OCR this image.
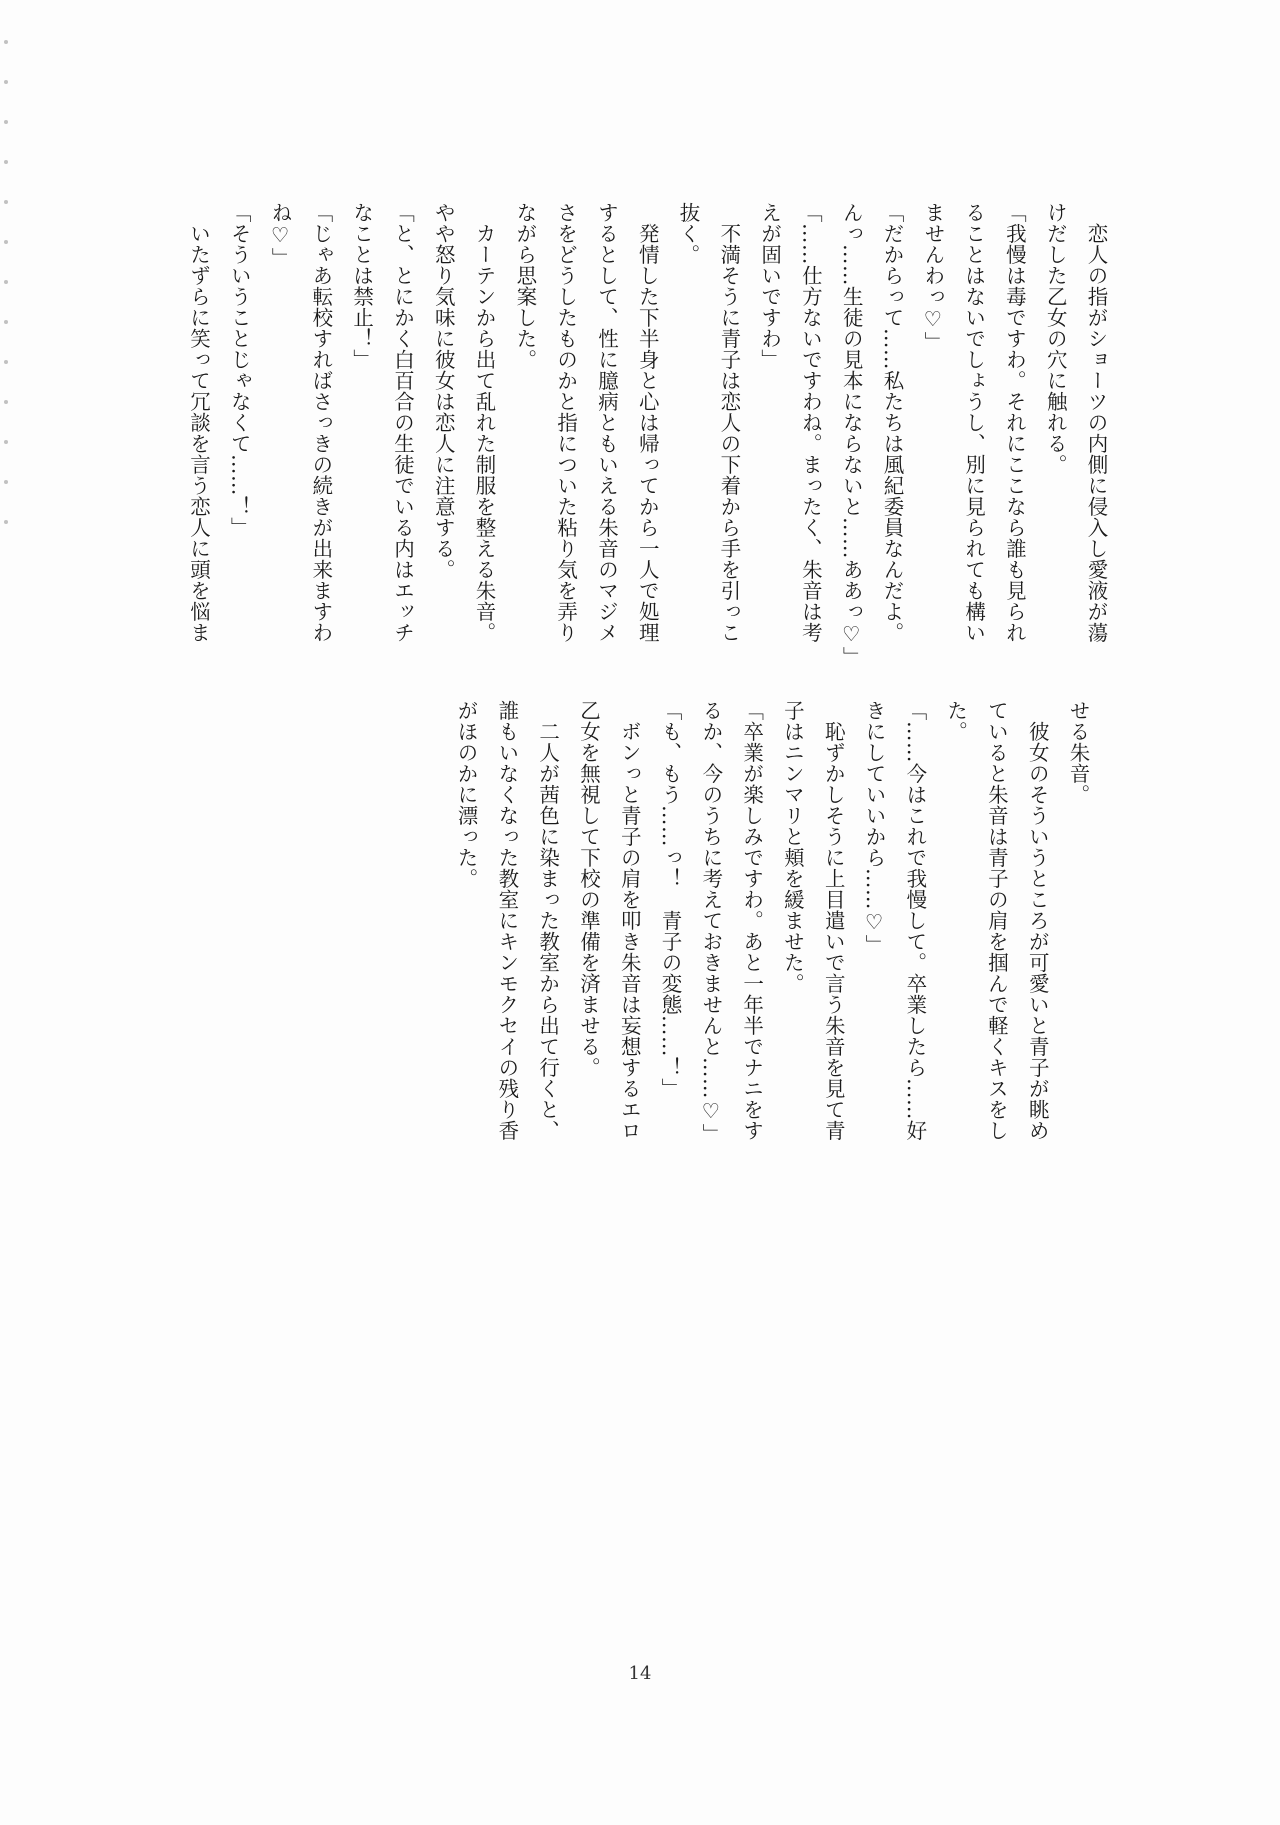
　恋人の指がショーツの内側に侵入し愛液が蕩
けだした乙女の穴に触れる。
「我慢は毒ですわ。それにここなら誰も見られ
ることはないでしょうし、別に見られても構い
ませんわっ♡」
「だからって……私たちは風紀委員なんだよ。
んっ……生徒の見本にならないと……ああっ♡」
「……仕方ないですわね。まったく、朱音は考
えが固いですわ」
　不満そうに青子は恋人の下着から手を引っこ
抜く。
　発情した下半身と心は帰ってから一人で処理
するとして、性に臆病ともいえる朱音のマジメ
さをどうしたものかと指についた粘り気を弄り
ながら思案した。
　カーテンから出て乱れた制服を整える朱音。
やや怒り気味に彼女は恋人に注意する。
「と、とにかく白百合の生徒でいる内はエッチ
なことは禁止！」
「じゃあ転校すればさっきの続きが出来ますわ
ね♡」
「そういうことじゃなくて……！」
　いたずらに笑って冗談を言う恋人に頭を悩ま
せる朱音。
　彼女のそういうところが可愛いと青子が眺め
ていると朱音は青子の肩を掴んで軽くキスをし
た。
「……今はこれで我慢して。卒業したら……好
きにしていいから……♡」
　恥ずかしそうに上目遣いで言う朱音を見て青
子はニンマリと頬を緩ませた。
「卒業が楽しみですわ。あと一年半でナニをす
るか、今のうちに考えておきませんと……♡」
「も、もう……っ！　青子の変態……！」
　ボンっと青子の肩を叩き朱音は妄想するエロ
乙女を無視して下校の準備を済ませる。
　二人が茜色に染まった教室から出て行くと、
誰もいなくなった教室にキンモクセイの残り香
がほのかに漂った。
14
